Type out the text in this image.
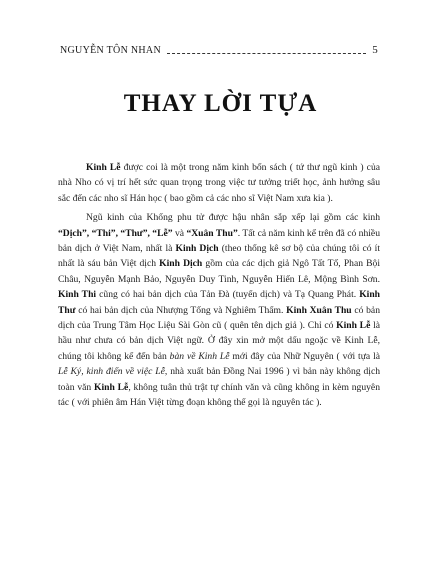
NGUYỄN TÔN NHAN	5
THAY LỜI TỰA

Kinh Lễ được coi là một trong năm kinh bốn sách ( tứ thư ngũ kinh ) của nhà Nho có vị trí hết sức quan trọng trong việc tư tưởng triết học, ảnh hưởng sâu sắc đến các nho sĩ Hán học ( bao gồm cả các nho sĩ Việt Nam xưa kia ).

Ngũ kinh của Khổng phu tử được hậu nhân sắp xếp lại gồm các kinh “Dịch”, “Thi”, “Thư”, “Lễ” và “Xuân Thu”. Tất cả năm kinh kể trên đã có nhiều bản dịch ở Việt Nam, nhất là Kinh Dịch (theo thống kê sơ bộ của chúng tôi có ít nhất là sáu bản Việt dịch Kinh Dịch gồm của các dịch giả Ngô Tất Tố, Phan Bội Châu, Nguyễn Mạnh Bảo, Nguyễn Duy Tinh, Nguyễn Hiến Lê, Mộng Bình Sơn. Kinh Thi cũng có hai bản dịch của Tản Đà (tuyển dịch) và Tạ Quang Phát. Kinh Thư có hai bản dịch của Nhượng Tống và Nghiêm Thẩm. Kinh Xuân Thu có bản dịch của Trung Tâm Học Liệu Sài Gòn cũ ( quên tên dịch giả ). Chỉ có Kinh Lễ là hầu như chưa có bản dịch Việt ngữ. Ở đây xin mở một dấu ngoặc về Kinh Lễ, chúng tôi không kể đến bản bàn về Kinh Lễ mới đây của Nhữ Nguyên ( với tựa là Lễ Ký, kinh điển về việc Lễ, nhà xuất bản Đồng Nai 1996 ) vì bản này không dịch toàn văn Kinh Lễ, không tuân thủ trật tự chính văn và cũng không in kèm nguyên tác ( với phiên âm Hán Việt từng đoạn không thể gọi là nguyên tác ).
